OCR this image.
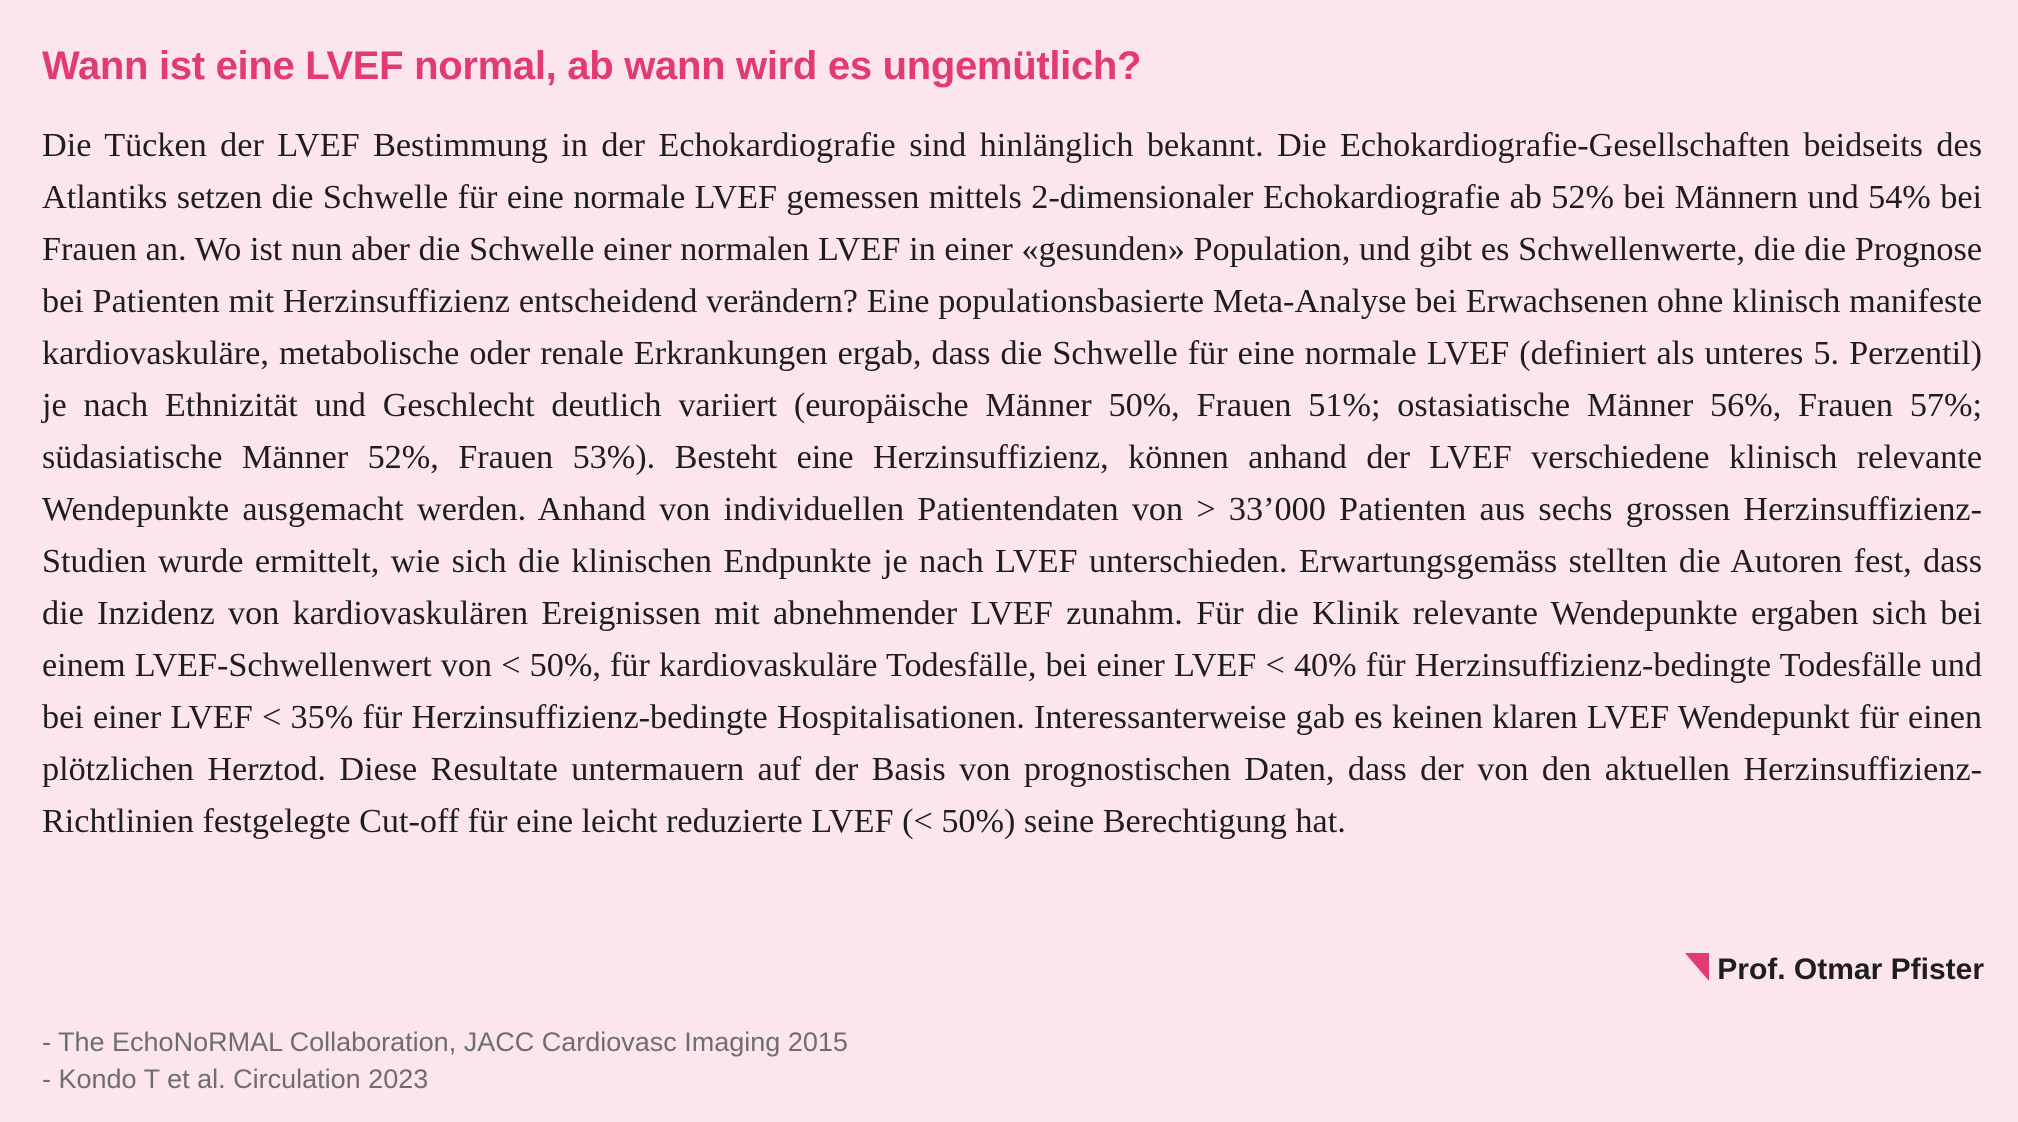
Wann ist eine LVEF normal, ab wann wird es ungemütlich?

Die Tücken der LVEF Bestimmung in der Echokardiografie sind hinlänglich bekannt. Die Echokardiografie-Gesellschaften beidseits des Atlantiks setzen die Schwelle für eine normale LVEF gemessen mittels 2-dimensionaler Echokardiografie ab 52% bei Männern und 54% bei Frauen an. Wo ist nun aber die Schwelle einer normalen LVEF in einer «gesunden» Population, und gibt es Schwellenwerte, die die Prognose bei Patienten mit Herzinsuffizienz entscheidend verändern? Eine populationsbasierte Meta-Analyse bei Erwachsenen ohne klinisch manifeste kardiovaskuläre, metabolische oder renale Erkrankungen ergab, dass die Schwelle für eine normale LVEF (definiert als unteres 5. Perzentil) je nach Ethnizität und Geschlecht deutlich variiert (europäische Männer 50%, Frauen 51%; ostasiatische Männer 56%, Frauen 57%; südasiatische Männer 52%, Frauen 53%). Besteht eine Herzinsuffizienz, können anhand der LVEF verschiedene klinisch relevante Wendepunkte ausgemacht werden. Anhand von individuellen Patientendaten von > 33’000 Patienten aus sechs grossen Herzinsuffizienz-Studien wurde ermittelt, wie sich die klinischen Endpunkte je nach LVEF unterschieden. Erwartungsgemäss stellten die Autoren fest, dass die Inzidenz von kardiovaskulären Ereignissen mit abnehmender LVEF zunahm. Für die Klinik relevante Wendepunkte ergaben sich bei einem LVEF-Schwellenwert von < 50%, für kardiovaskuläre Todesfälle, bei einer LVEF < 40% für Herzinsuffizienz-bedingte Todesfälle und bei einer LVEF < 35% für Herzinsuffizienz-bedingte Hospitalisationen. Interessanterweise gab es keinen klaren LVEF Wendepunkt für einen plötzlichen Herztod. Diese Resultate untermauern auf der Basis von prognostischen Daten, dass der von den aktuellen Herzinsuffizienz-Richtlinien festgelegte Cut-off für eine leicht reduzierte LVEF (< 50%) seine Berechtigung hat.

Prof. Otmar Pfister
- The EchoNoRMAL Collaboration, JACC Cardiovasc Imaging 2015
- Kondo T et al. Circulation 2023
